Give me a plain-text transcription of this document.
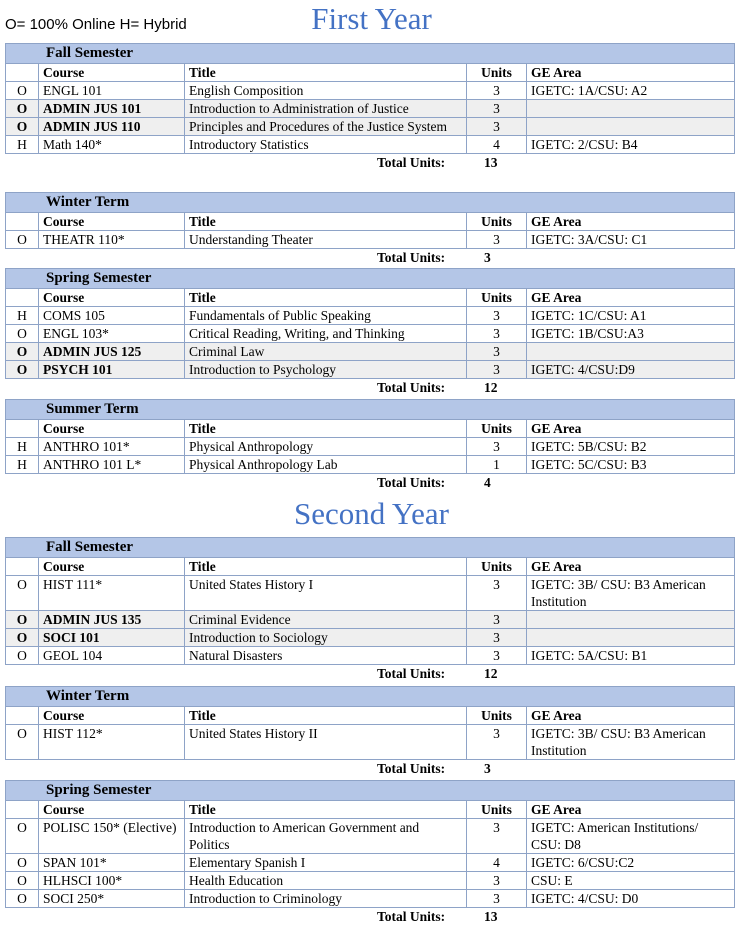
O= 100% Online H= Hybrid	First Year
Fall Semester				
	Course	Title	Units	GE Area
O	ENGL 101	English Composition	3	IGETC: 1A/CSU: A2
O	ADMIN JUS 101	Introduction to Administration of Justice	3	
O	ADMIN JUS 110	Principles and Procedures of the Justice System	3	
H	Math 140*	Introductory Statistics	4	IGETC: 2/CSU: B4
Total Units:	13
Winter Term				
	Course	Title	Units	GE Area
O	THEATR 110*	Understanding Theater	3	IGETC: 3A/CSU: C1
Total Units:	3
Spring Semester				
	Course	Title	Units	GE Area
H	COMS 105	Fundamentals of Public Speaking	3	IGETC: 1C/CSU: A1
O	ENGL 103*	Critical Reading, Writing, and Thinking	3	IGETC: 1B/CSU:A3
O	ADMIN JUS 125	Criminal Law	3	
O	PSYCH 101	Introduction to Psychology	3	IGETC: 4/CSU:D9
Total Units:	12
Summer Term				
	Course	Title	Units	GE Area
H	ANTHRO 101*	Physical Anthropology	3	IGETC: 5B/CSU: B2
H	ANTHRO 101 L*	Physical Anthropology Lab	1	IGETC: 5C/CSU: B3
Total Units:	4
Second Year
Fall Semester				
	Course	Title	Units	GE Area
O	HIST 111*	United States History I	3	IGETC: 3B/ CSU: B3 American Institution
O	ADMIN JUS 135	Criminal Evidence	3	
O	SOCI 101	Introduction to Sociology	3	
O	GEOL 104	Natural Disasters	3	IGETC: 5A/CSU: B1
Total Units:	12
Winter Term				
	Course	Title	Units	GE Area
O	HIST 112*	United States History II	3	IGETC: 3B/ CSU: B3 American Institution
Total Units:	3
Spring Semester				
	Course	Title	Units	GE Area
O	POLISC 150* (Elective)	Introduction to American Government and Politics	3	IGETC: American Institutions/ CSU: D8
O	SPAN 101*	Elementary Spanish I	4	IGETC: 6/CSU:C2
O	HLHSCI 100*	Health Education	3	CSU: E
O	SOCI 250*	Introduction to Criminology	3	IGETC: 4/CSU: D0
Total Units:	13
